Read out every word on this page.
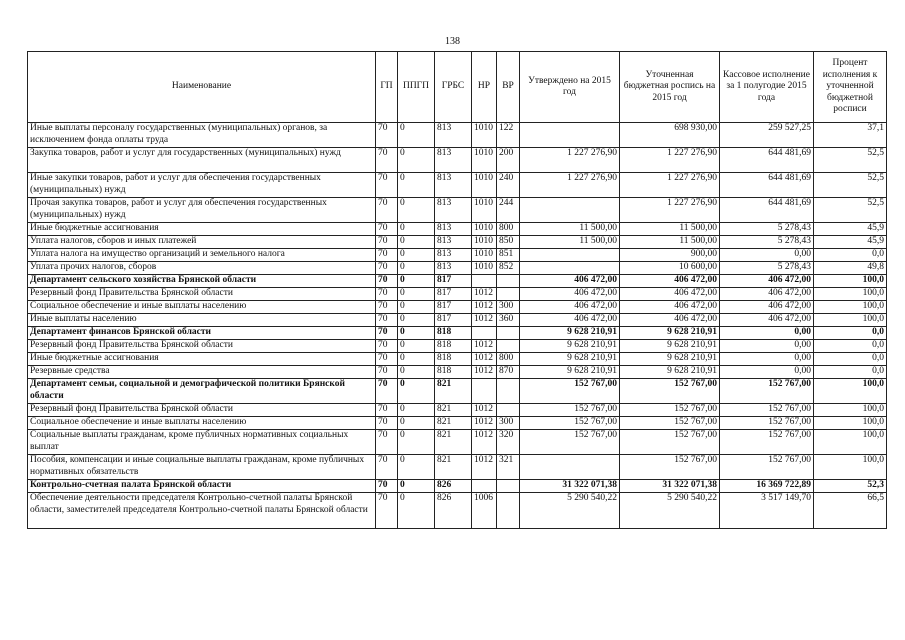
138
Наименование	ГП	ППГП	ГРБС	НР	ВР	Утверждено на 2015 год	Уточненная бюджетная роспись на 2015 год	Кассовое исполнение за 1 полугодие 2015 года	Процент исполнения к уточненной бюджетной росписи
Иные выплаты персоналу государственных (муниципальных) органов, за исключением фонда оплаты труда	70	0	813	1010	122		698 930,00	259 527,25	37,1
Закупка товаров, работ и услуг для государственных (муниципальных) нужд	70	0	813	1010	200	1 227 276,90	1 227 276,90	644 481,69	52,5
Иные закупки товаров, работ и услуг для обеспечения государственных (муниципальных) нужд	70	0	813	1010	240	1 227 276,90	1 227 276,90	644 481,69	52,5
Прочая закупка товаров, работ и услуг для обеспечения государственных (муниципальных) нужд	70	0	813	1010	244		1 227 276,90	644 481,69	52,5
Иные бюджетные ассигнования	70	0	813	1010	800	11 500,00	11 500,00	5 278,43	45,9
Уплата налогов, сборов и иных платежей	70	0	813	1010	850	11 500,00	11 500,00	5 278,43	45,9
Уплата налога на имущество организаций и земельного налога	70	0	813	1010	851		900,00	0,00	0,0
Уплата прочих налогов, сборов	70	0	813	1010	852		10 600,00	5 278,43	49,8
Департамент сельского хозяйства Брянской области	70	0	817			406 472,00	406 472,00	406 472,00	100,0
Резервный фонд Правительства Брянской области	70	0	817	1012		406 472,00	406 472,00	406 472,00	100,0
Социальное обеспечение и иные выплаты населению	70	0	817	1012	300	406 472,00	406 472,00	406 472,00	100,0
Иные выплаты населению	70	0	817	1012	360	406 472,00	406 472,00	406 472,00	100,0
Департамент финансов Брянской области	70	0	818			9 628 210,91	9 628 210,91	0,00	0,0
Резервный фонд Правительства Брянской области	70	0	818	1012		9 628 210,91	9 628 210,91	0,00	0,0
Иные бюджетные ассигнования	70	0	818	1012	800	9 628 210,91	9 628 210,91	0,00	0,0
Резервные средства	70	0	818	1012	870	9 628 210,91	9 628 210,91	0,00	0,0
Департамент семьи, социальной и демографической политики Брянской области	70	0	821			152 767,00	152 767,00	152 767,00	100,0
Резервный фонд Правительства Брянской области	70	0	821	1012		152 767,00	152 767,00	152 767,00	100,0
Социальное обеспечение и иные выплаты населению	70	0	821	1012	300	152 767,00	152 767,00	152 767,00	100,0
Социальные выплаты гражданам, кроме публичных нормативных социальных выплат	70	0	821	1012	320	152 767,00	152 767,00	152 767,00	100,0
Пособия, компенсации и иные социальные выплаты гражданам, кроме публичных нормативных обязательств	70	0	821	1012	321		152 767,00	152 767,00	100,0
Контрольно-счетная палата Брянской области	70	0	826			31 322 071,38	31 322 071,38	16 369 722,89	52,3
Обеспечение деятельности председателя Контрольно-счетной палаты Брянской области, заместителей председателя Контрольно-счетной палаты Брянской области	70	0	826	1006		5 290 540,22	5 290 540,22	3 517 149,70	66,5
